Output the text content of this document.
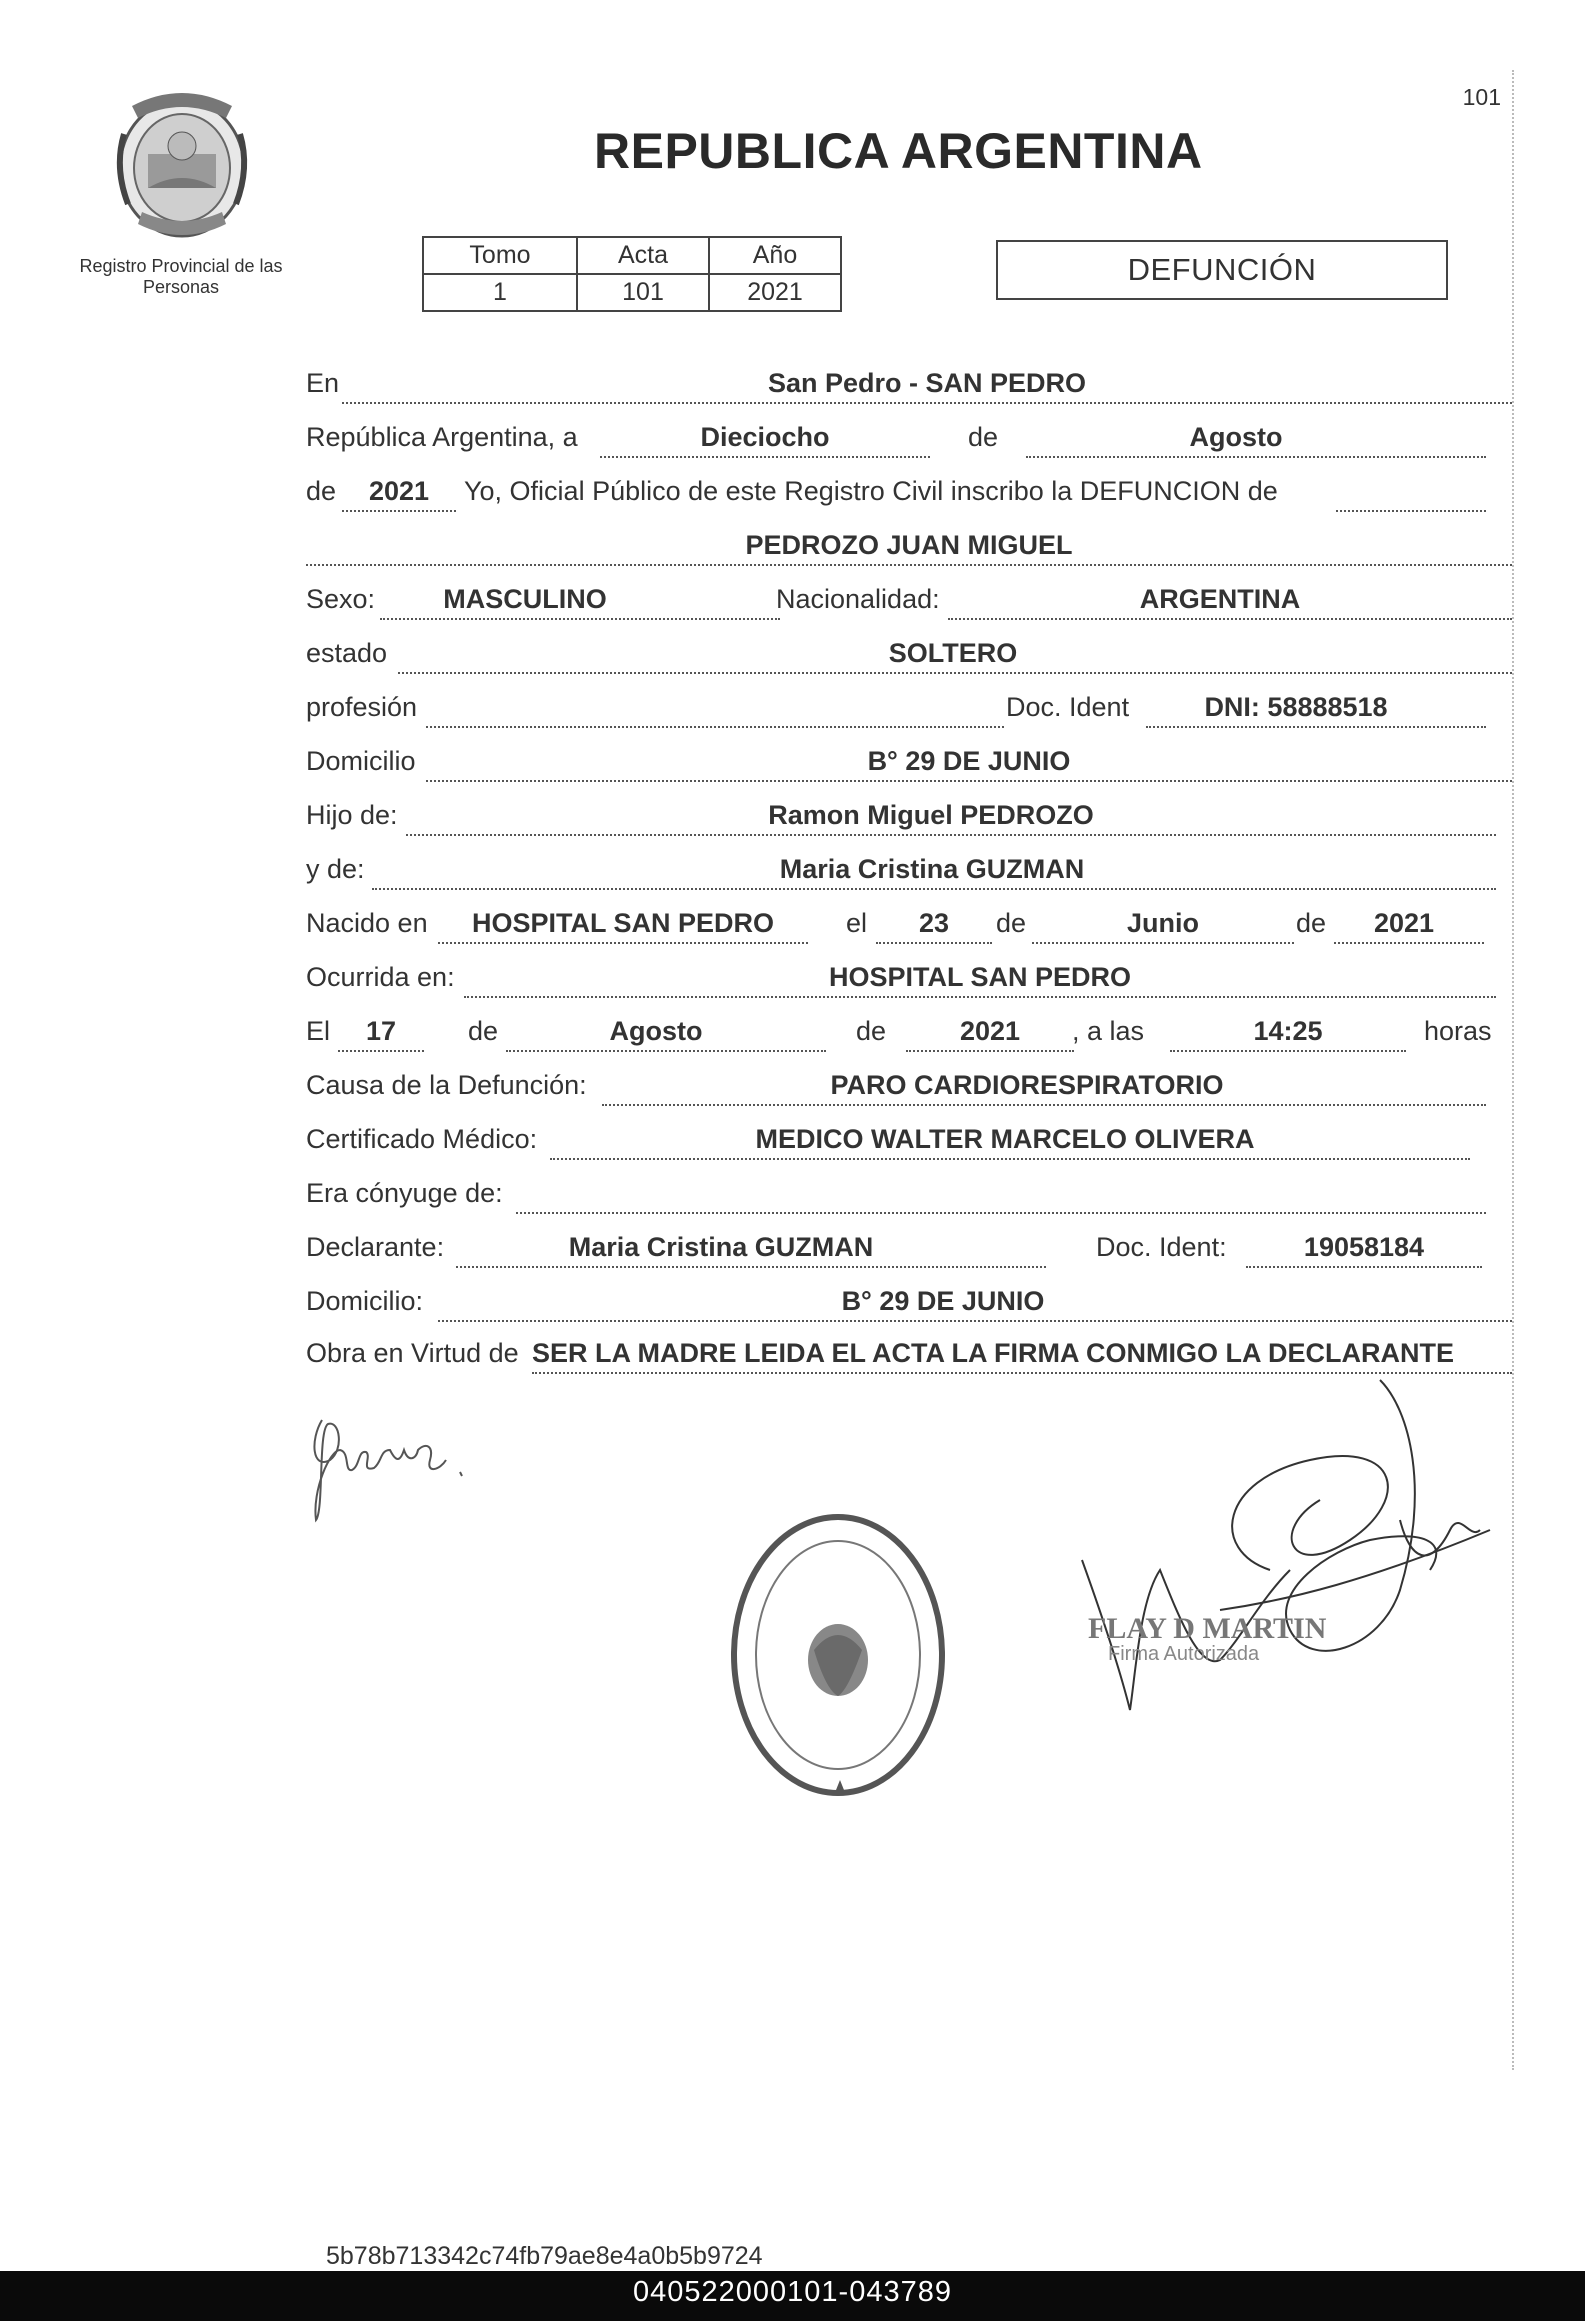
101
Registro Provincial de las Personas
REPUBLICA ARGENTINA
Tomo	Acta	Año
1	101	2021
DEFUNCIÓN
En	San Pedro - SAN PEDRO
República Argentina, a	Dieciocho	de	Agosto
de	2021	Yo, Oficial Público de este Registro Civil inscribo la DEFUNCION de
PEDROZO JUAN MIGUEL
Sexo:	MASCULINO	Nacionalidad:	ARGENTINA
estado	SOLTERO
profesión	Doc. Ident	DNI: 58888518
Domicilio	B° 29 DE JUNIO
Hijo de:	Ramon Miguel PEDROZO
y de:	Maria Cristina GUZMAN
Nacido en	HOSPITAL SAN PEDRO	el	23	de	Junio	de	2021
Ocurrida en:	HOSPITAL SAN PEDRO
El	17	de	Agosto	de	2021	, a las	14:25	horas
Causa de la Defunción:	PARO CARDIORESPIRATORIO
Certificado Médico:	MEDICO WALTER MARCELO OLIVERA
Era cónyuge de:
Declarante:	Maria Cristina GUZMAN	Doc. Ident:	19058184
Domicilio:	B° 29 DE JUNIO
Obra en Virtud de SER LA MADRE LEIDA EL ACTA LA FIRMA CONMIGO LA DECLARANTE
FLAY D MARTIN
Firma Autorizada
5b78b713342c74fb79ae8e4a0b5b9724
040522000101-043789
